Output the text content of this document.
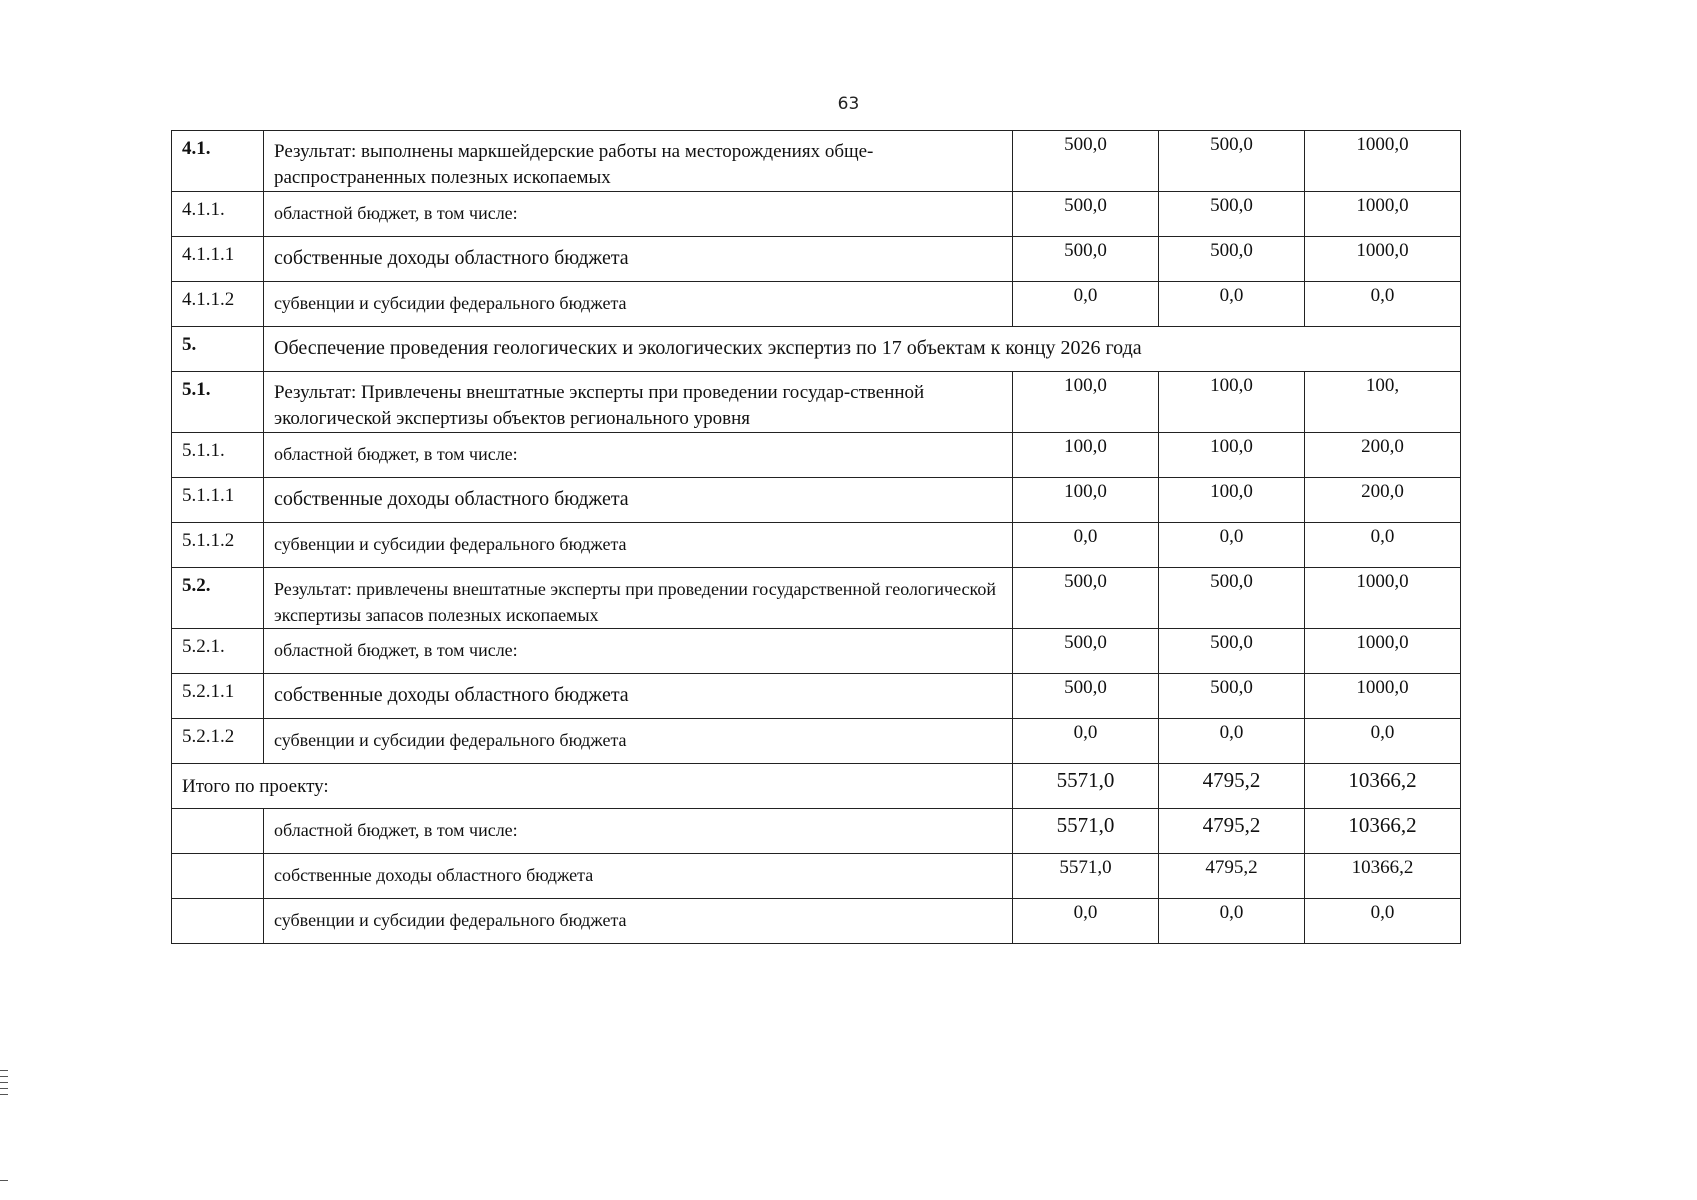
63
4.1.	Результат: выполнены маркшейдерские работы на месторождениях обще-распространенных полезных ископаемых	500,0	500,0	1000,0
4.1.1.	областной бюджет, в том числе:	500,0	500,0	1000,0
4.1.1.1	собственные доходы областного бюджета	500,0	500,0	1000,0
4.1.1.2	субвенции и субсидии федерального бюджета	0,0	0,0	0,0
5.	Обеспечение проведения геологических и экологических экспертиз по 17 объектам к концу 2026 года			
5.1.	Результат: Привлечены внештатные эксперты при проведении государ-ственной экологической экспертизы объектов регионального уровня	100,0	100,0	100,
5.1.1.	областной бюджет, в том числе:	100,0	100,0	200,0
5.1.1.1	собственные доходы областного бюджета	100,0	100,0	200,0
5.1.1.2	субвенции и субсидии федерального бюджета	0,0	0,0	0,0
5.2.	Результат: привлечены внештатные эксперты при проведении государственной геологической экспертизы запасов полезных ископаемых	500,0	500,0	1000,0
5.2.1.	областной бюджет, в том числе:	500,0	500,0	1000,0
5.2.1.1	собственные доходы областного бюджета	500,0	500,0	1000,0
5.2.1.2	субвенции и субсидии федерального бюджета	0,0	0,0	0,0
Итого по проекту:		5571,0	4795,2	10366,2
	областной бюджет, в том числе:	5571,0	4795,2	10366,2
	собственные доходы областного бюджета	5571,0	4795,2	10366,2
	субвенции и субсидии федерального бюджета	0,0	0,0	0,0
